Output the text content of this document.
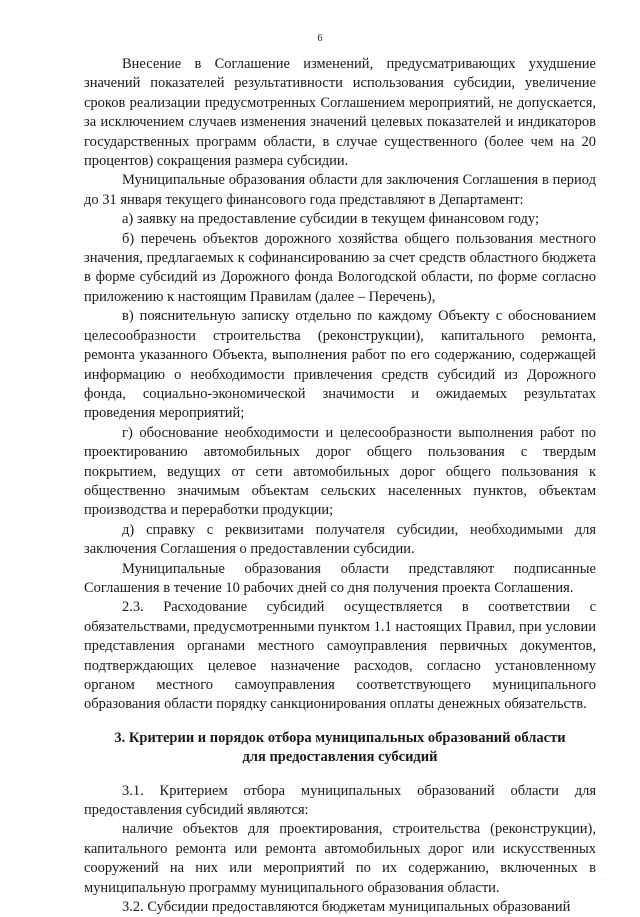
6

Внесение в Соглашение изменений, предусматривающих ухудшение значений показателей результативности использования субсидии, увеличение сроков реализации предусмотренных Соглашением мероприятий, не допускается, за исключением случаев изменения значений целевых показателей и индикаторов государственных программ области, в случае существенного (более чем на 20 процентов) сокращения размера субсидии.

Муниципальные образования области для заключения Соглашения в период до 31 января текущего финансового года представляют в Департамент:

а) заявку на предоставление субсидии в текущем финансовом году;

б) перечень объектов дорожного хозяйства общего пользования местного значения, предлагаемых к софинансированию за счет средств областного бюджета в форме субсидий из Дорожного фонда Вологодской области, по форме согласно приложению к настоящим Правилам (далее – Перечень),

в) пояснительную записку отдельно по каждому Объекту с обоснованием целесообразности строительства (реконструкции), капитального ремонта, ремонта указанного Объекта, выполнения работ по его содержанию, содержащей информацию о необходимости привлечения средств субсидий из Дорожного фонда, социально-экономической значимости и ожидаемых результатах проведения мероприятий;

г) обоснование необходимости и целесообразности выполнения работ по проектированию автомобильных дорог общего пользования с твердым покрытием, ведущих от сети автомобильных дорог общего пользования к общественно значимым объектам сельских населенных пунктов, объектам производства и переработки продукции;

д) справку с реквизитами получателя субсидии, необходимыми для заключения Соглашения о предоставлении субсидии.

Муниципальные образования области представляют подписанные Соглашения в течение 10 рабочих дней со дня получения проекта Соглашения.

2.3. Расходование субсидий осуществляется в соответствии с обязательствами, предусмотренными пунктом 1.1 настоящих Правил, при условии представления органами местного самоуправления первичных документов, подтверждающих целевое назначение расходов, согласно установленному органом местного самоуправления соответствующего муниципального образования области порядку санкционирования оплаты денежных обязательств.

3. Критерии и порядок отбора муниципальных образований области
для предоставления субсидий

3.1. Критерием отбора муниципальных образований области для предоставления субсидий являются:

наличие объектов для проектирования, строительства (реконструкции), капитального ремонта или ремонта автомобильных дорог или искусственных сооружений на них или мероприятий по их содержанию, включенных в муниципальную программу муниципального образования области.

3.2. Субсидии предоставляются бюджетам муниципальных образований

·
